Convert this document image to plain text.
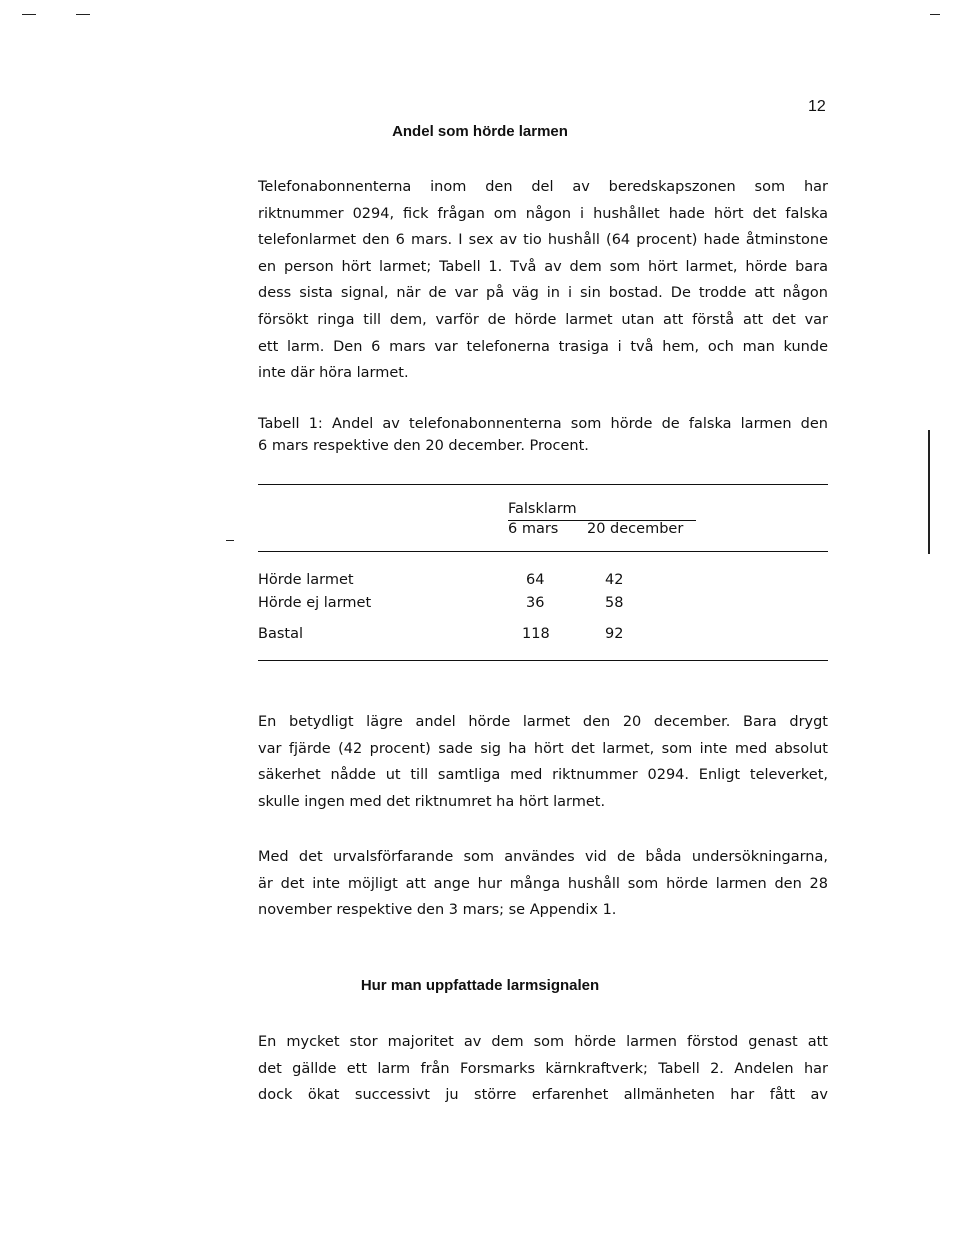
12
Andel som hörde larmen
Telefonabonnenterna inom den del av beredskapszonen som har
riktnummer 0294, fick frågan om någon i hushållet hade hört det falska
telefonlarmet den 6 mars. I sex av tio hushåll (64 procent) hade åtminstone
en person hört larmet; Tabell 1. Två av dem som hört larmet, hörde bara
dess sista signal, när de var på väg in i sin bostad. De trodde att någon
försökt ringa till dem, varför de hörde larmet utan att förstå att det var
ett larm. Den 6 mars var telefonerna trasiga i två hem, och man kunde
inte där höra larmet.
Tabell 1: Andel av telefonabonnenterna som hörde de falska larmen den
6 mars respektive den 20 december. Procent.
Falsklarm
6 mars 20 december
Hörde larmet	64	42
Hörde ej larmet	36	58
Bastal	118	92
En betydligt lägre andel hörde larmet den 20 december. Bara drygt
var fjärde (42 procent) sade sig ha hört det larmet, som inte med absolut
säkerhet nådde ut till samtliga med riktnummer 0294. Enligt televerket,
skulle ingen med det riktnumret ha hört larmet.
Med det urvalsförfarande som användes vid de båda undersökningarna,
är det inte möjligt att ange hur många hushåll som hörde larmen den 28
november respektive den 3 mars; se Appendix 1.
Hur man uppfattade larmsignalen
En mycket stor majoritet av dem som hörde larmen förstod genast att
det gällde ett larm från Forsmarks kärnkraftverk; Tabell 2. Andelen har
dock ökat successivt ju större erfarenhet allmänheten har fått av
